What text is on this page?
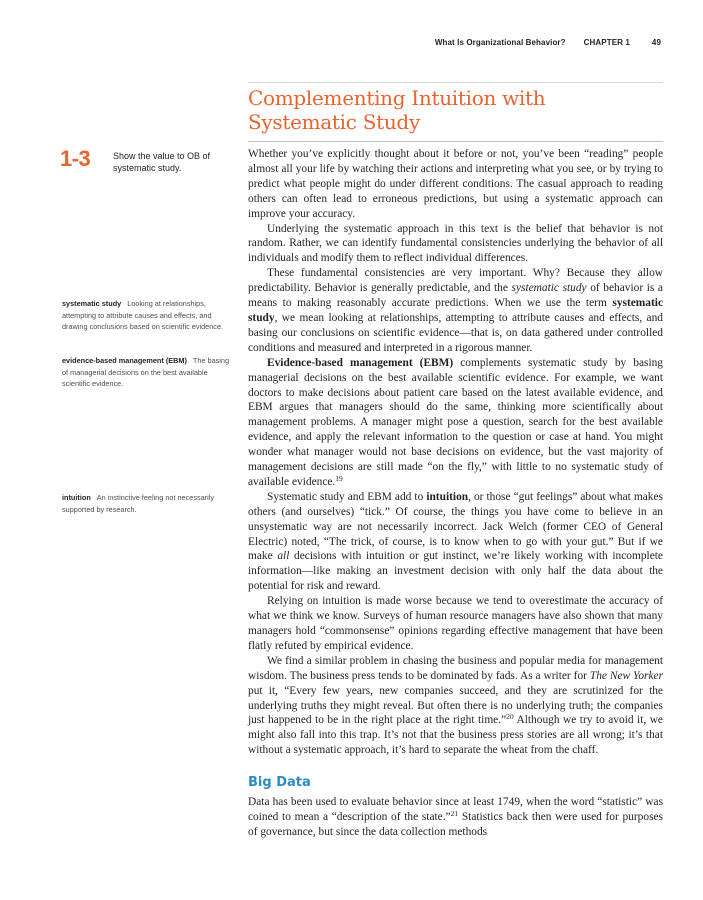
What Is Organizational Behavior? CHAPTER 1	49
Complementing Intuition with
Systematic Study
1-3	Show the value to OB of systematic study.
systematic study Looking at relationships, attempting to attribute causes and effects, and drawing conclusions based on scientific evidence.
evidence-based management (EBM) The basing of managerial decisions on the best available scientific evidence.
intuition An instinctive feeling not necessarily supported by research.

Whether you’ve explicitly thought about it before or not, you’ve been “reading” people almost all your life by watching their actions and interpreting what you see, or by trying to predict what people might do under different conditions. The casual approach to reading others can often lead to erroneous predictions, but using a systematic approach can improve your accuracy.

Underlying the systematic approach in this text is the belief that behavior is not random. Rather, we can identify fundamental consistencies underlying the behavior of all individuals and modify them to reflect individual differences.

These fundamental consistencies are very important. Why? Because they allow predictability. Behavior is generally predictable, and the systematic study of behavior is a means to making reasonably accurate predictions. When we use the term systematic study, we mean looking at relationships, attempting to attribute causes and effects, and basing our conclusions on scientific evidence—that is, on data gathered under controlled conditions and measured and interpreted in a rigorous manner.

Evidence-based management (EBM) complements systematic study by basing managerial decisions on the best available scientific evidence. For example, we want doctors to make decisions about patient care based on the latest available evidence, and EBM argues that managers should do the same, thinking more scientifically about management problems. A manager might pose a question, search for the best available evidence, and apply the relevant information to the question or case at hand. You might wonder what manager would not base decisions on evidence, but the vast majority of management decisions are still made “on the fly,” with little to no systematic study of available evidence.$^{19}$

Systematic study and EBM add to intuition, or those “gut feelings” about what makes others (and ourselves) “tick.” Of course, the things you have come to believe in an unsystematic way are not necessarily incorrect. Jack Welch (former CEO of General Electric) noted, “The trick, of course, is to know when to go with your gut.” But if we make all decisions with intuition or gut instinct, we’re likely working with incomplete information—like making an investment decision with only half the data about the potential for risk and reward.

Relying on intuition is made worse because we tend to overestimate the accuracy of what we think we know. Surveys of human resource managers have also shown that many managers hold “commonsense” opinions regarding effective management that have been flatly refuted by empirical evidence.

We find a similar problem in chasing the business and popular media for management wisdom. The business press tends to be dominated by fads. As a writer for The New Yorker put it, “Every few years, new companies succeed, and they are scrutinized for the underlying truths they might reveal. But often there is no underlying truth; the companies just happened to be in the right place at the right time.”$^{20}$ Although we try to avoid it, we might also fall into this trap. It’s not that the business press stories are all wrong; it’s that without a systematic approach, it’s hard to separate the wheat from the chaff.

Big Data

Data has been used to evaluate behavior since at least 1749, when the word “statistic” was coined to mean a “description of the state.”$^{21}$ Statistics back then were used for purposes of governance, but since the data collection methods
